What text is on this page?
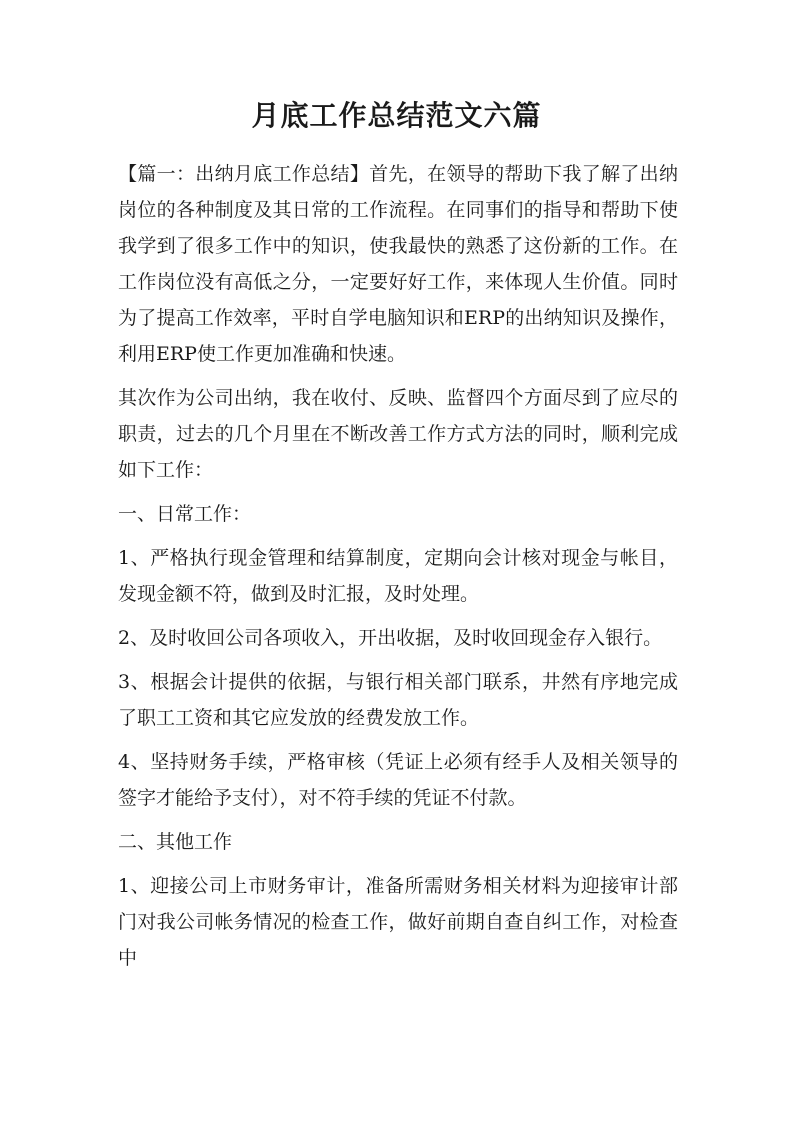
月底工作总结范文六篇

【篇一：出纳月底工作总结】首先，在领导的帮助下我了解了出纳岗位的各种制度及其日常的工作流程。在同事们的指导和帮助下使我学到了很多工作中的知识，使我最快的熟悉了这份新的工作。在工作岗位没有高低之分，一定要好好工作，来体现人生价值。同时为了提高工作效率，平时自学电脑知识和ERP的出纳知识及操作，利用ERP使工作更加准确和快速。

其次作为公司出纳，我在收付、反映、监督四个方面尽到了应尽的职责，过去的几个月里在不断改善工作方式方法的同时，顺利完成如下工作：

一、日常工作：

1、严格执行现金管理和结算制度，定期向会计核对现金与帐目，发现金额不符，做到及时汇报，及时处理。

2、及时收回公司各项收入，开出收据，及时收回现金存入银行。

3、根据会计提供的依据，与银行相关部门联系，井然有序地完成了职工工资和其它应发放的经费发放工作。

4、坚持财务手续，严格审核（凭证上必须有经手人及相关领导的签字才能给予支付），对不符手续的凭证不付款。

二、其他工作

1、迎接公司上市财务审计，准备所需财务相关材料为迎接审计部门对我公司帐务情况的检查工作，做好前期自查自纠工作，对检查中
